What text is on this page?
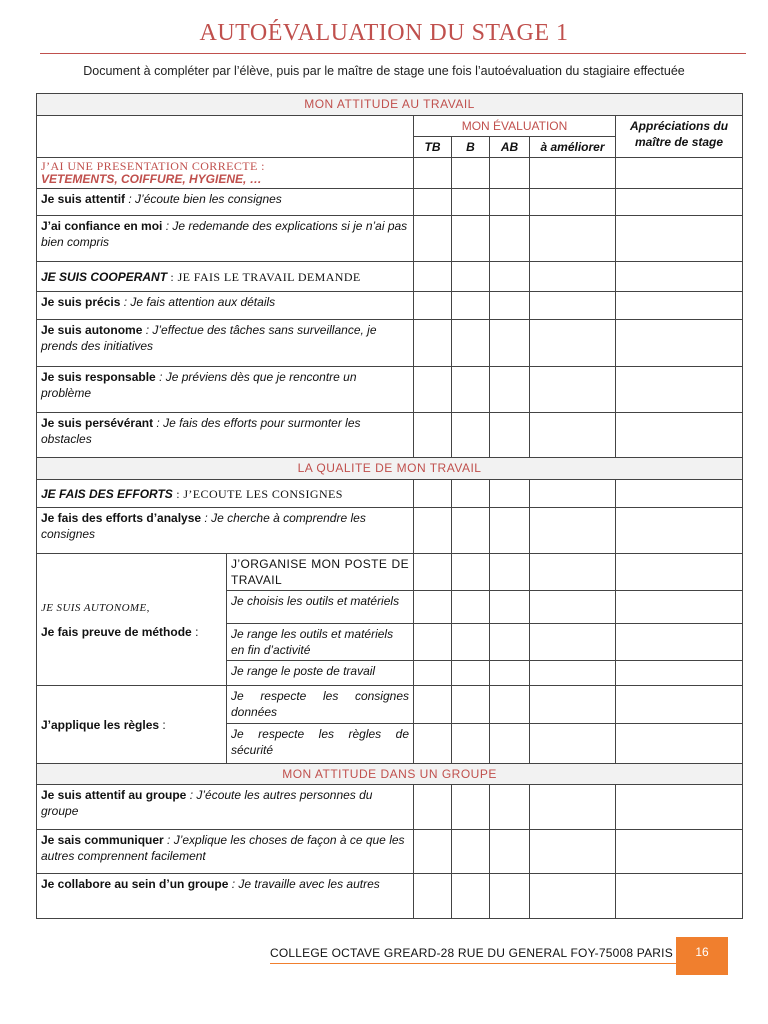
AUTOÉVALUATION DU STAGE 1
Document à compléter par l’élève, puis par le maître de stage une fois l’autoévaluation du stagiaire effectuée
MON ATTITUDE AU TRAVAIL						
		MON ÉVALUATION				Appréciations du maître de stage
		TB	B	AB	à améliorer	

J’AI UNE PRESENTATION CORRECTE :
VETEMENTS, COIFFURE, HYGIENE, …						

Je suis attentif : J’écoute bien les consignes						
J’ai confiance en moi : Je redemande des explications si je n’ai pas bien compris						
JE SUIS COOPERANT : JE FAIS LE TRAVAIL DEMANDE						
Je suis précis : Je fais attention aux détails						
Je suis autonome : J’effectue des tâches sans surveillance, je prends des initiatives						
Je suis responsable : Je préviens dès que je rencontre un problème						
Je suis persévérant : Je fais des efforts pour surmonter les obstacles						
LA QUALITE DE MON TRAVAIL						
JE FAIS DES EFFORTS : J’ECOUTE LES CONSIGNES						
Je fais des efforts d’analyse : Je cherche à comprendre les consignes						

JE SUIS AUTONOME,
Je fais preuve de méthode :	J’ORGANISE MON POSTE DE TRAVAIL					
	Je choisis les outils et matériels					
	Je range les outils et matériels en fin d’activité					
	Je range le poste de travail					
J’applique les règles :	Je respecte les consignes données					
	Je respecte les règles de sécurité					
MON ATTITUDE DANS UN GROUPE						
Je suis attentif au groupe : J’écoute les autres personnes du groupe						
Je sais communiquer : J’explique les choses de façon à ce que les autres comprennent facilement						
Je collabore au sein d’un groupe : Je travaille avec les autres						
COLLEGE OCTAVE GREARD-28 RUE DU GENERAL FOY-75008 PARIS	16
